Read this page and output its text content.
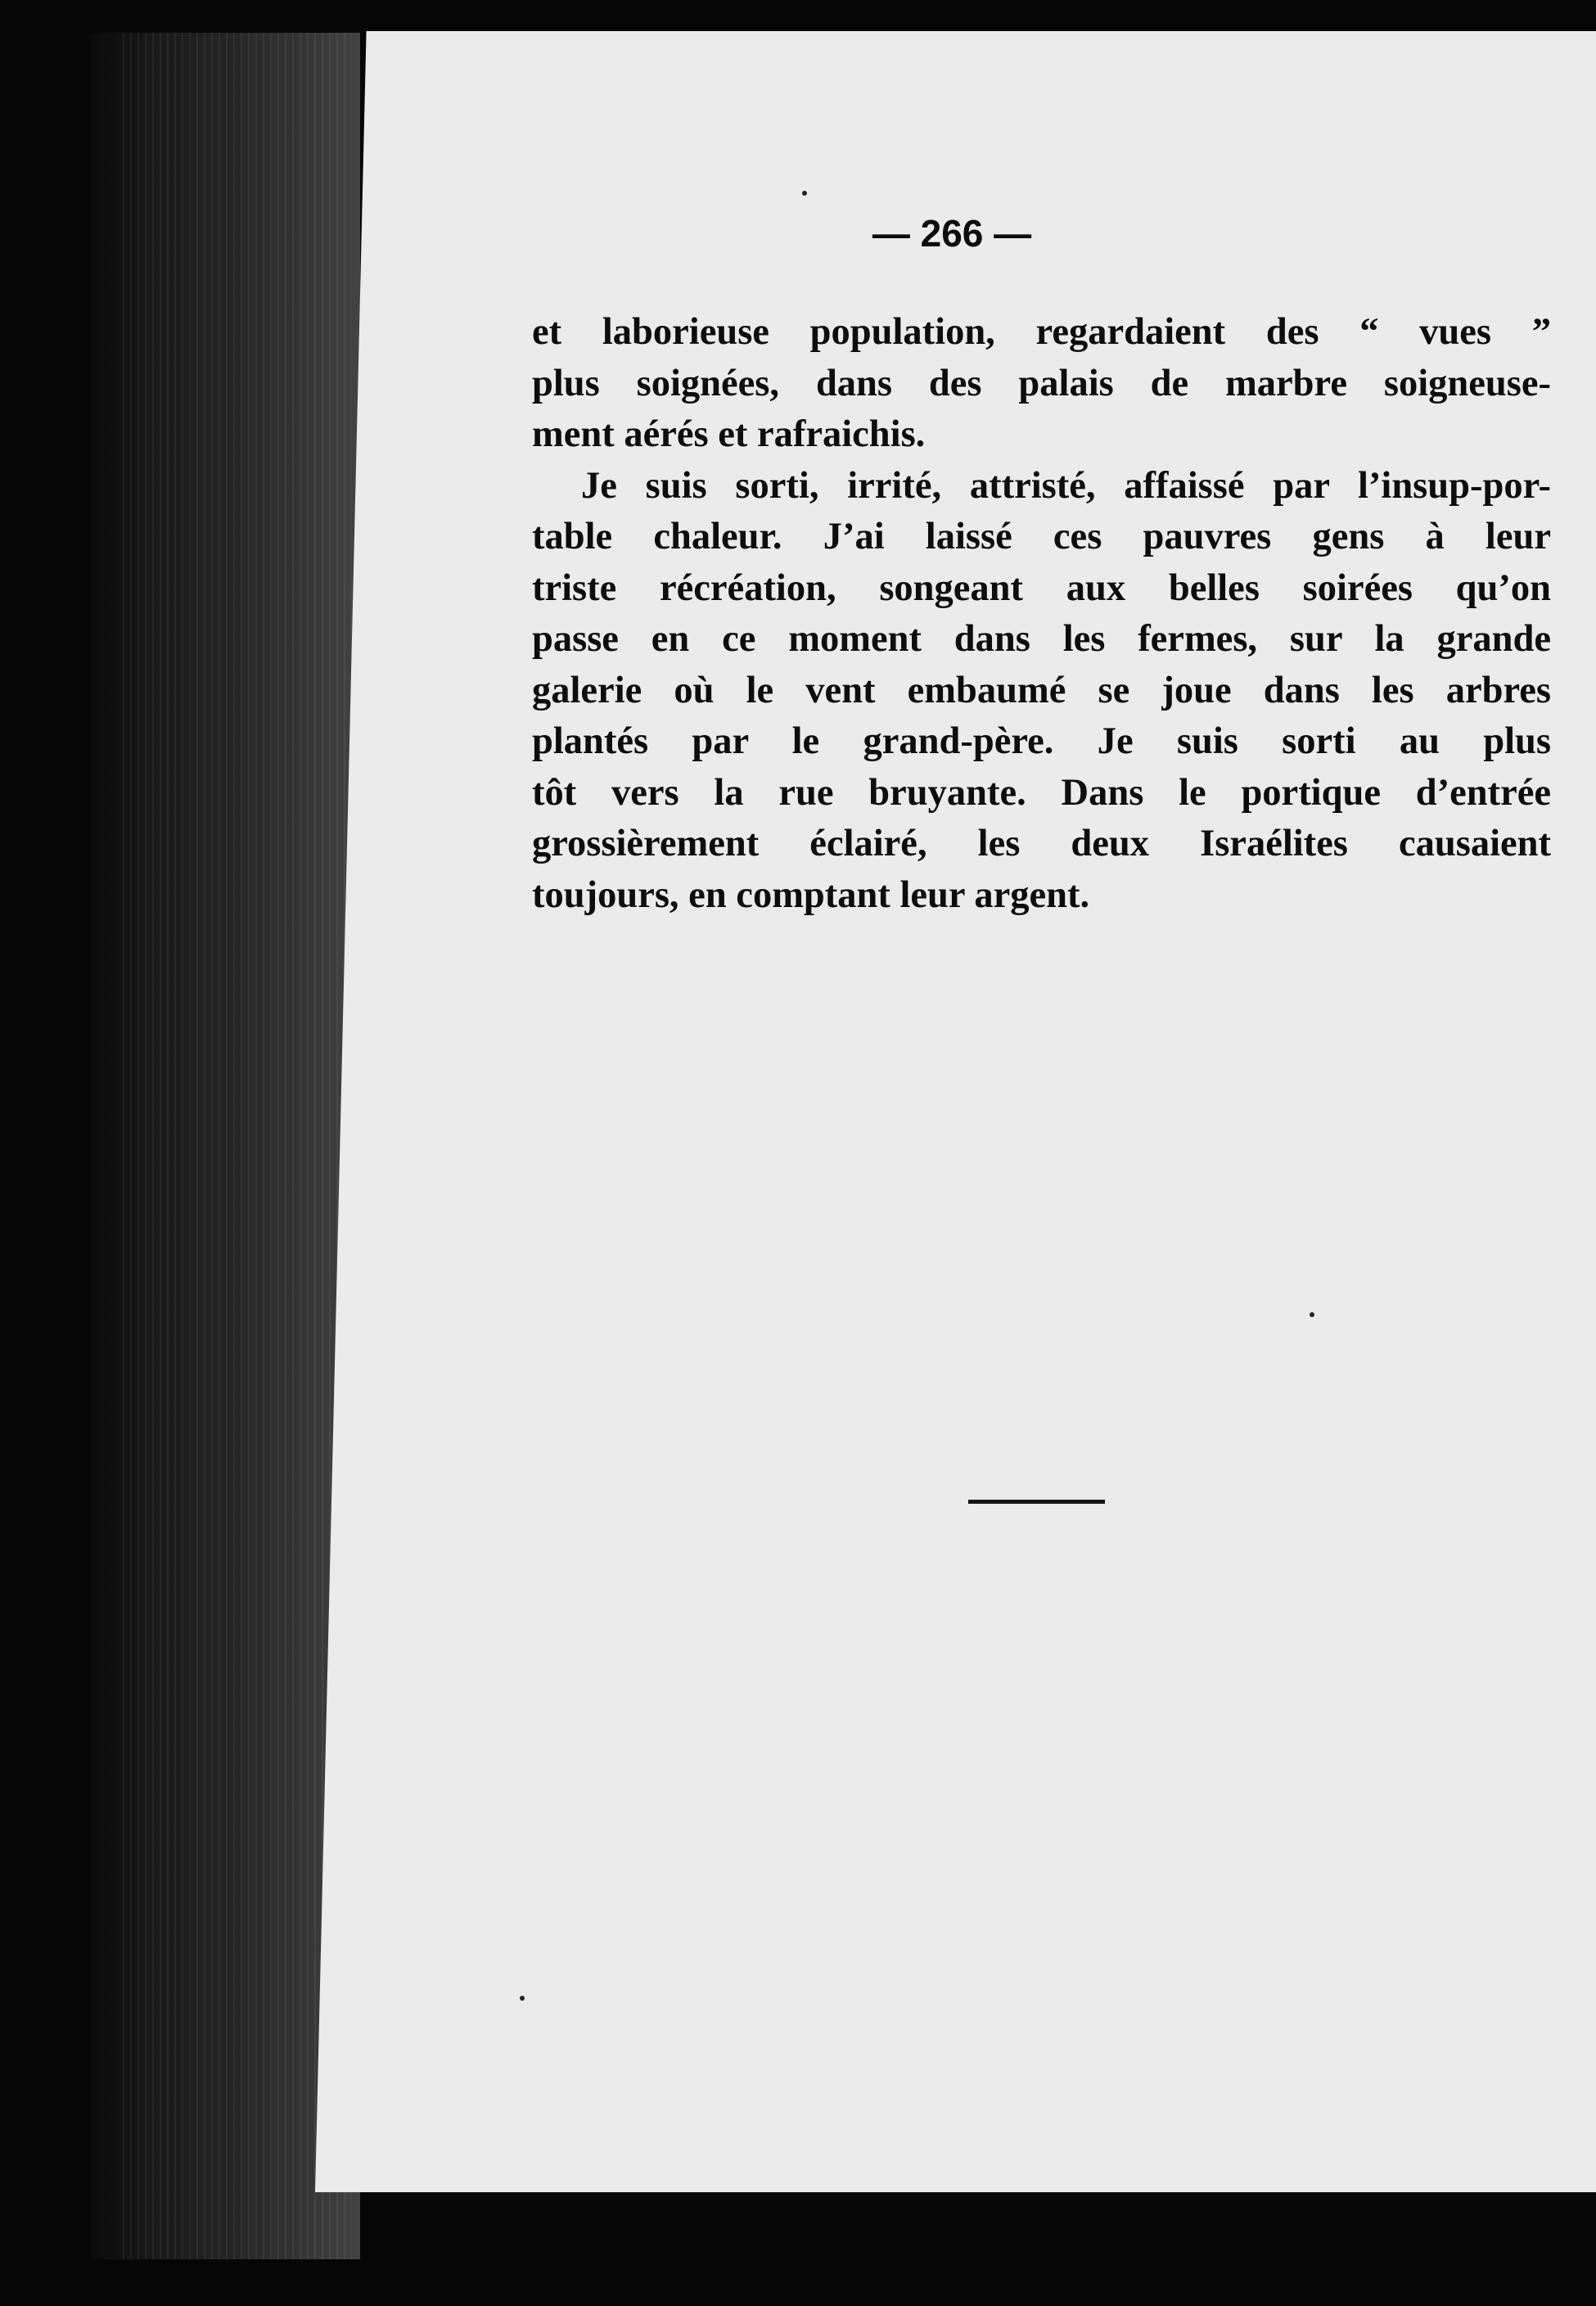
— 266 —
et laborieuse population, regardaient des “ vues ”
plus soignées, dans des palais de marbre soigneuse-
ment aérés et rafraichis.
Je suis sorti, irrité, attristé, affaissé par l’insup-por-
table chaleur. J’ai laissé ces pauvres gens à leur
triste récréation, songeant aux belles soirées qu’on
passe en ce moment dans les fermes, sur la grande
galerie où le vent embaumé se joue dans les arbres
plantés par le grand-père. Je suis sorti au plus
tôt vers la rue bruyante. Dans le portique d’entrée
grossièrement éclairé, les deux Israélites causaient
toujours, en comptant leur argent.
